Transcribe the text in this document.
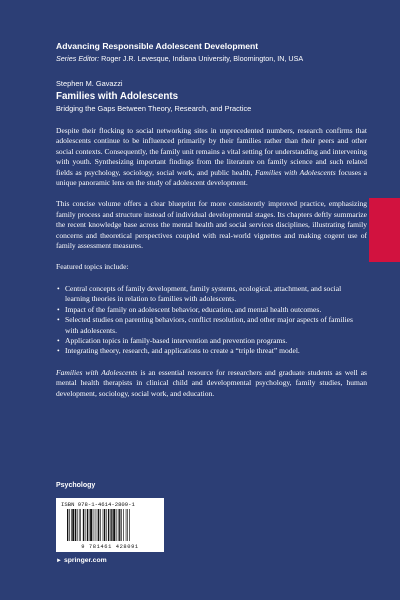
Advancing Responsible Adolescent Development

Series Editor: Roger J.R. Levesque, Indiana University, Bloomington, IN, USA

Stephen M. Gavazzi

Families with Adolescents

Bridging the Gaps Between Theory, Research, and Practice

Despite their flocking to social networking sites in unprecedented numbers, research confirms that adolescents continue to be influenced primarily by their families rather than their peers and other social contexts. Consequently, the family unit remains a vital setting for understanding and intervening with youth. Synthesizing important findings from the literature on family science and such related fields as psychology, sociology, social work, and public health, Families with Adolescents focuses a unique panoramic lens on the study of adolescent development.

This concise volume offers a clear blueprint for more consistently improved practice, emphasizing family process and structure instead of individual developmental stages. Its chapters deftly summarize the recent knowledge base across the mental health and social services disciplines, illustrating family concerns and theoretical perspectives coupled with real-world vignettes and making cogent use of family assessment measures.

Featured topics include:

• Central concepts of family development, family systems, ecological, attachment, and social learning theories in relation to families with adolescents.
• Impact of the family on adolescent behavior, education, and mental health outcomes.
• Selected studies on parenting behaviors, conflict resolution, and other major aspects of families with adolescents.
• Application topics in family-based intervention and prevention programs.
• Integrating theory, research, and applications to create a “triple threat” model.

Families with Adolescents is an essential resource for researchers and graduate students as well as mental health therapists in clinical child and developmental psychology, family studies, human development, sociology, social work, and education.

Psychology

ISBN 978-1-4614-2809-1
9 781461 428091

► springer.com
